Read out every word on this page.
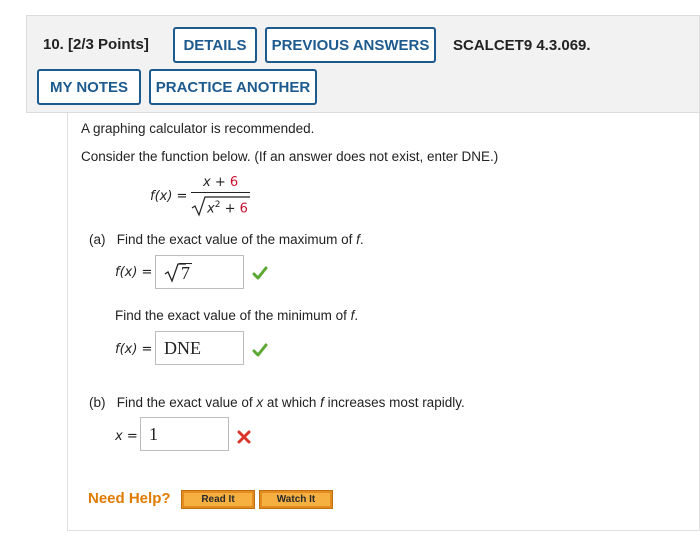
10. [2/3 Points]	DETAILS	PREVIOUS ANSWERS	SCALCET9 4.3.069.
MY NOTES	PRACTICE ANOTHER
A graphing calculator is recommended.
Consider the function below. (If an answer does not exist, enter DNE.)
f(x) =
x + 6
$x^2 + 6$
(a) Find the exact value of the maximum of f.
f(x) = 7
Find the exact value of the minimum of f.
f(x) = DNE
(b) Find the exact value of x at which f increases most rapidly.
x = 1
Need Help?	Read It	Watch It
